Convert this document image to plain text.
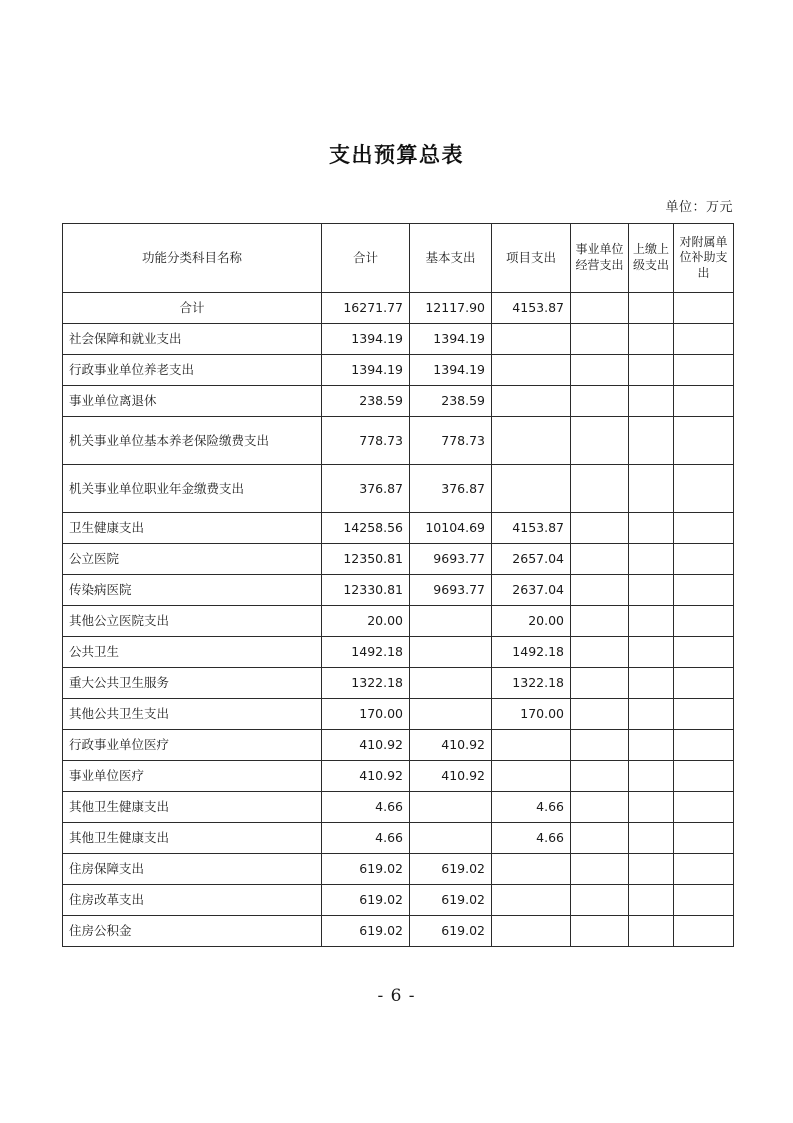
支出预算总表
单位：万元
功能分类科目名称	合计	基本支出	项目支出	事业单位经营支出	上缴上级支出	对附属单位补助支出
合计	16271.77	12117.90	4153.87			
社会保障和就业支出	1394.19	1394.19				
行政事业单位养老支出	1394.19	1394.19				
事业单位离退休	238.59	238.59				
机关事业单位基本养老保险缴费支出	778.73	778.73				
机关事业单位职业年金缴费支出	376.87	376.87				
卫生健康支出	14258.56	10104.69	4153.87			
公立医院	12350.81	9693.77	2657.04			
传染病医院	12330.81	9693.77	2637.04			
其他公立医院支出	20.00		20.00			
公共卫生	1492.18		1492.18			
重大公共卫生服务	1322.18		1322.18			
其他公共卫生支出	170.00		170.00			
行政事业单位医疗	410.92	410.92				
事业单位医疗	410.92	410.92				
其他卫生健康支出	4.66		4.66			
其他卫生健康支出	4.66		4.66			
住房保障支出	619.02	619.02				
住房改革支出	619.02	619.02				
住房公积金	619.02	619.02				
- 6 -
